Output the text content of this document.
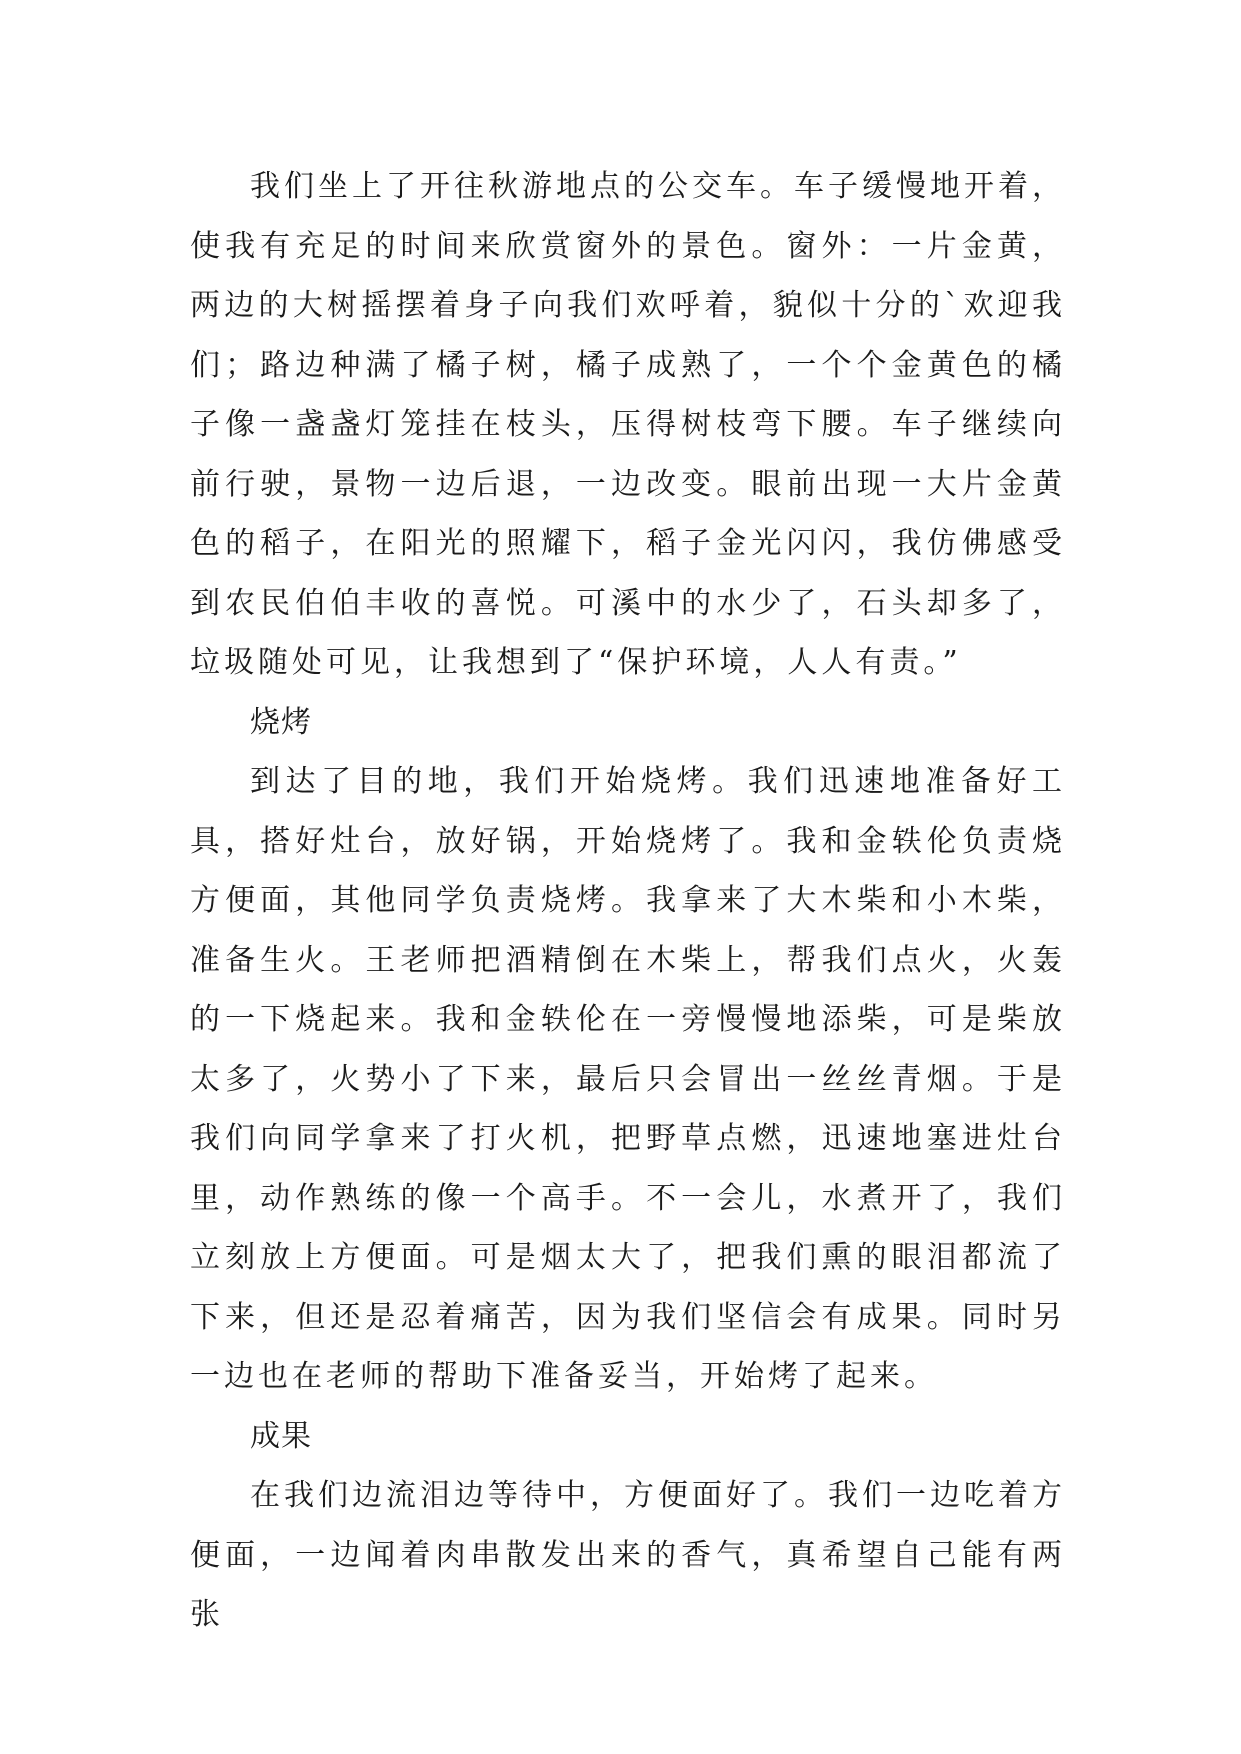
我们坐上了开往秋游地点的公交车。车子缓慢地开着，使我有充足的时间来欣赏窗外的景色。窗外：一片金黄，两边的大树摇摆着身子向我们欢呼着，貌似十分的`欢迎我们；路边种满了橘子树，橘子成熟了，一个个金黄色的橘子像一盏盏灯笼挂在枝头，压得树枝弯下腰。车子继续向前行驶，景物一边后退，一边改变。眼前出现一大片金黄色的稻子，在阳光的照耀下，稻子金光闪闪，我仿佛感受到农民伯伯丰收的喜悦。可溪中的水少了，石头却多了，垃圾随处可见，让我想到了“保护环境，人人有责。”

烧烤

到达了目的地，我们开始烧烤。我们迅速地准备好工具，搭好灶台，放好锅，开始烧烤了。我和金轶伦负责烧方便面，其他同学负责烧烤。我拿来了大木柴和小木柴，准备生火。王老师把酒精倒在木柴上，帮我们点火，火轰的一下烧起来。我和金轶伦在一旁慢慢地添柴，可是柴放太多了，火势小了下来，最后只会冒出一丝丝青烟。于是我们向同学拿来了打火机，把野草点燃，迅速地塞进灶台里，动作熟练的像一个高手。不一会儿，水煮开了，我们立刻放上方便面。可是烟太大了，把我们熏的眼泪都流了下来，但还是忍着痛苦，因为我们坚信会有成果。同时另一边也在老师的帮助下准备妥当，开始烤了起来。

成果

在我们边流泪边等待中，方便面好了。我们一边吃着方便面，一边闻着肉串散发出来的香气，真希望自己能有两张
